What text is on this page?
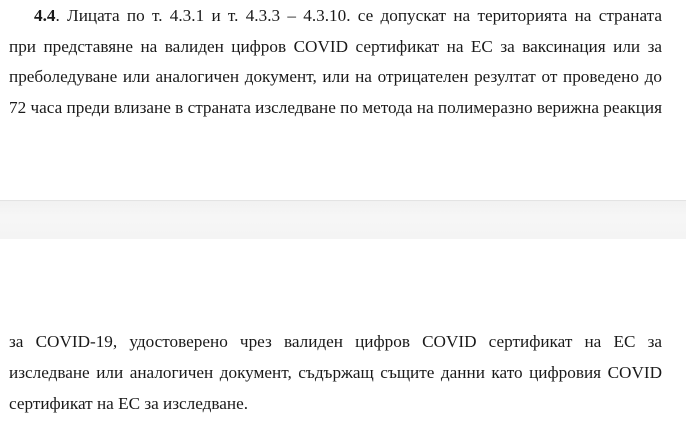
4.4. Лицата по т. 4.3.1 и т. 4.3.3 – 4.3.10. се допускат на територията на страната

при представяне на валиден цифров COVID сертификат на ЕС за ваксинация или за

преболедуване или аналогичен документ, или на отрицателен резултат от проведено до

72 часа преди влизане в страната изследване по метода на полимеразно верижна реакция

за COVID-19, удостоверено чрез валиден цифров COVID сертификат на ЕС за

изследване или аналогичен документ, съдържащ същите данни като цифровия COVID

сертификат на ЕС за изследване.
